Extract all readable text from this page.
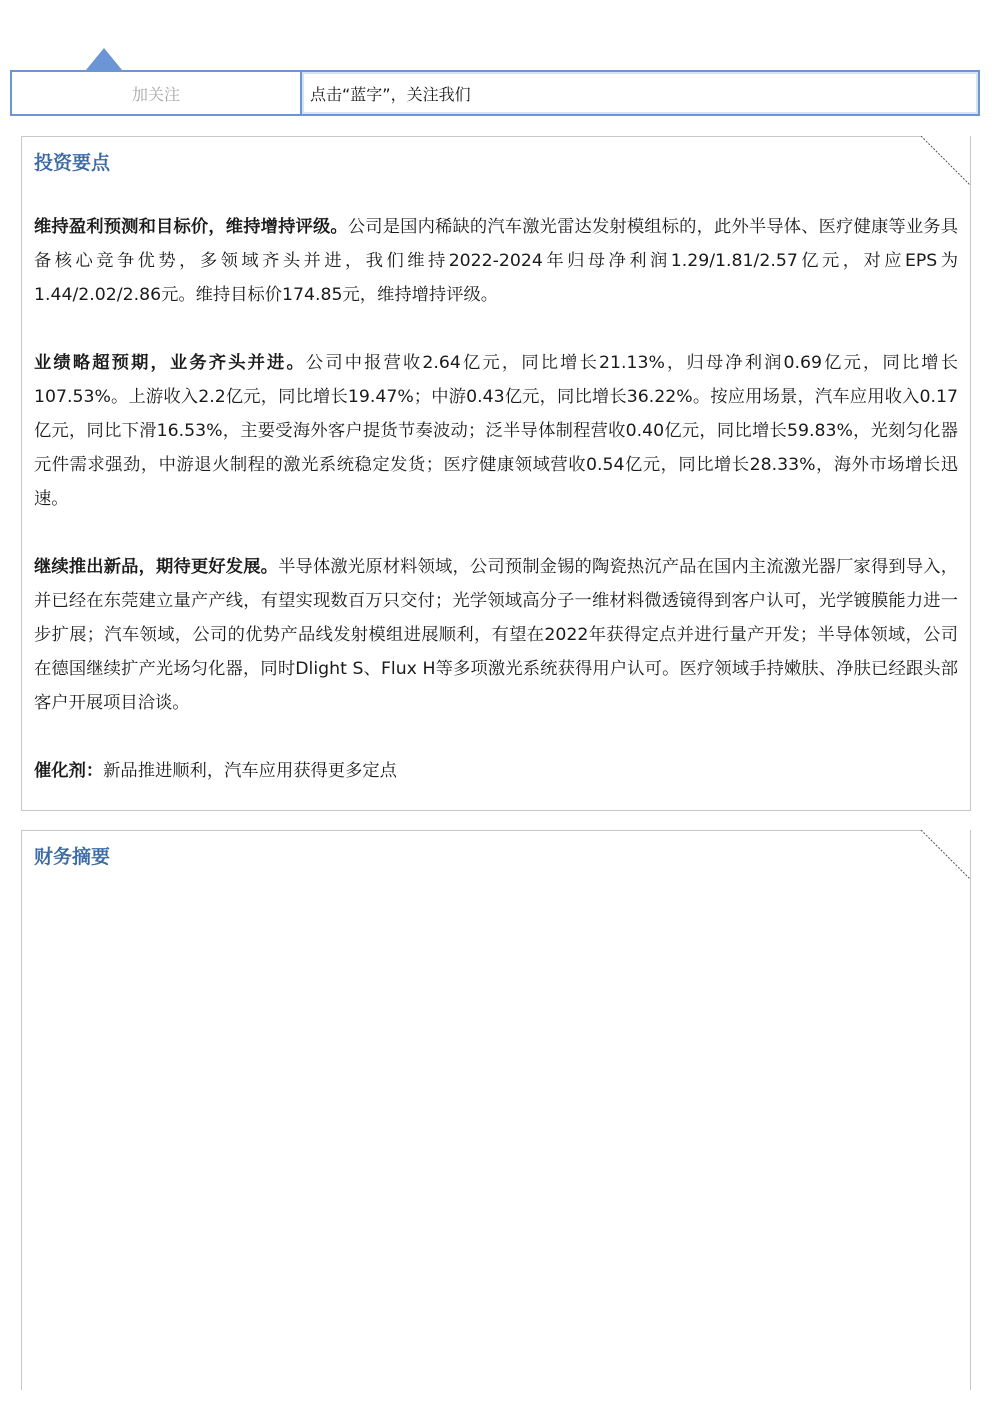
加关注	点击“蓝字”，关注我们
投资要点

维持盈利预测和目标价，维持增持评级。公司是国内稀缺的汽车激光雷达发射模组标的，此外半导体、医疗健康等业务具备核心竞争优势，多领域齐头并进，我们维持2022-2024年归母净利润1.29/1.81/2.57亿元，对应EPS为1.44/2.02/2.86元。维持目标价174.85元，维持增持评级。

业绩略超预期，业务齐头并进。公司中报营收2.64亿元，同比增长21.13%，归母净利润0.69亿元，同比增长107.53%。上游收入2.2亿元，同比增长19.47%；中游0.43亿元，同比增长36.22%。按应用场景，汽车应用收入0.17亿元，同比下滑16.53%，主要受海外客户提货节奏波动；泛半导体制程营收0.40亿元，同比增长59.83%，光刻匀化器元件需求强劲，中游退火制程的激光系统稳定发货；医疗健康领域营收0.54亿元，同比增长28.33%，海外市场增长迅速。

继续推出新品，期待更好发展。半导体激光原材料领域，公司预制金锡的陶瓷热沉产品在国内主流激光器厂家得到导入，并已经在东莞建立量产产线，有望实现数百万只交付；光学领域高分子一维材料微透镜得到客户认可，光学镀膜能力进一步扩展；汽车领域，公司的优势产品线发射模组进展顺利，有望在2022年获得定点并进行量产开发；半导体领域，公司在德国继续扩产光场匀化器，同时Dlight S、Flux H等多项激光系统获得用户认可。医疗领域手持嫩肤、净肤已经跟头部客户开展项目洽谈。

催化剂：新品推进顺利，汽车应用获得更多定点

财务摘要
